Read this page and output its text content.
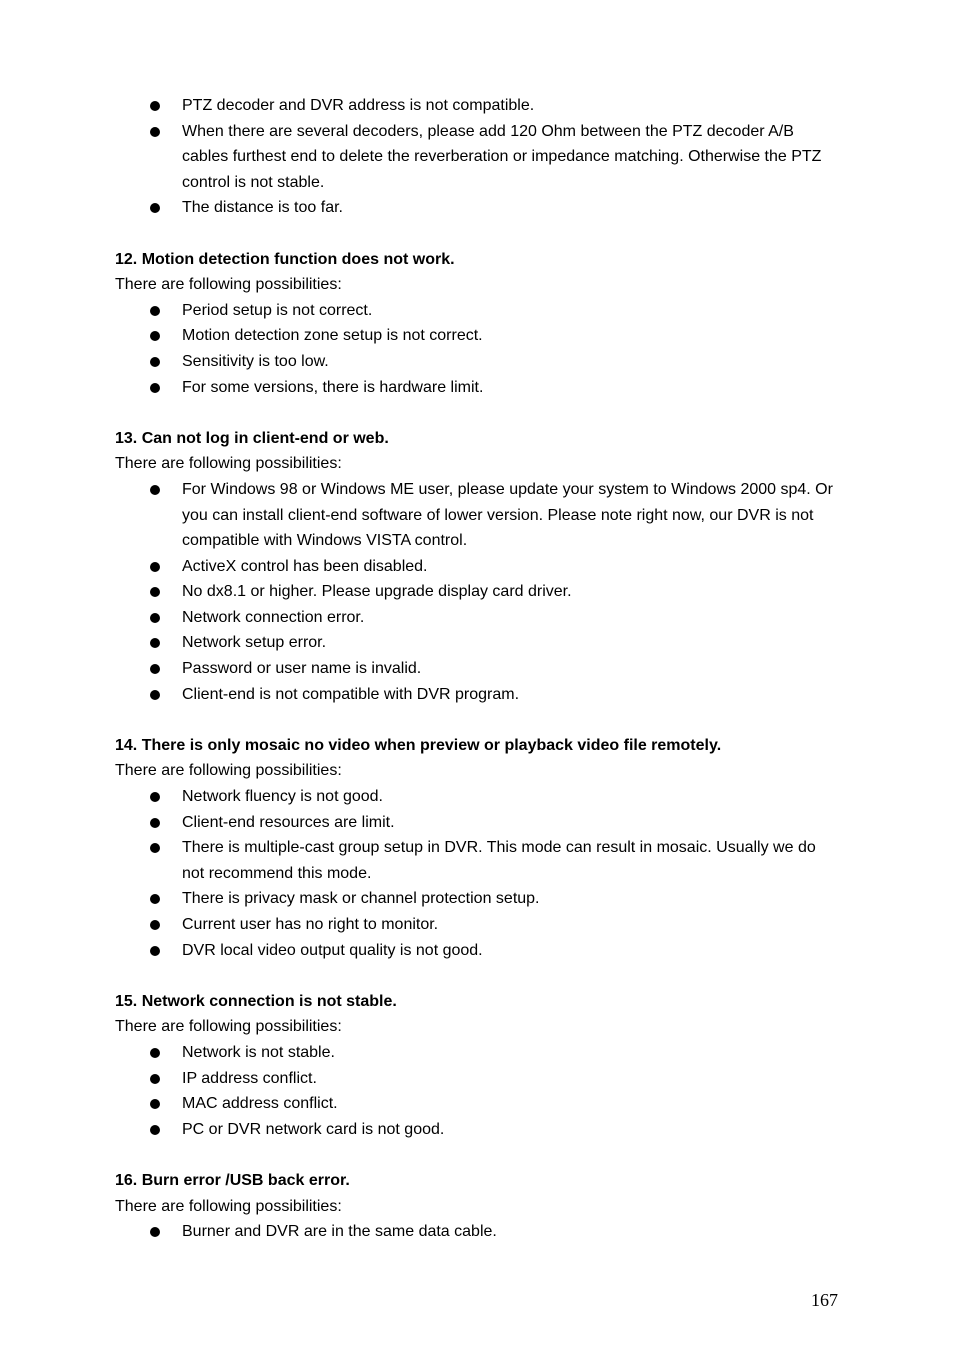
PTZ decoder and DVR address is not compatible.
When there are several decoders, please add 120 Ohm between the PTZ decoder A/B cables furthest end to delete the reverberation or impedance matching. Otherwise the PTZ control is not stable.
The distance is too far.

12. Motion detection function does not work.

There are following possibilities:

Period setup is not correct.
Motion detection zone setup is not correct.
Sensitivity is too low.
For some versions, there is hardware limit.

13. Can not log in client-end or web.

There are following possibilities:

For Windows 98 or Windows ME user, please update your system to Windows 2000 sp4. Or you can install client-end software of lower version. Please note right now, our DVR is not compatible with Windows VISTA control.
ActiveX control has been disabled.
No dx8.1 or higher. Please upgrade display card driver.
Network connection error.
Network setup error.
Password or user name is invalid.
Client-end is not compatible with DVR program.

14. There is only mosaic no video when preview or playback video file remotely.

There are following possibilities:

Network fluency is not good.
Client-end resources are limit.
There is multiple-cast group setup in DVR. This mode can result in mosaic. Usually we do not recommend this mode.
There is privacy mask or channel protection setup.
Current user has no right to monitor.
DVR local video output quality is not good.

15. Network connection is not stable.

There are following possibilities:

Network is not stable.
IP address conflict.
MAC address conflict.
PC or DVR network card is not good.

16. Burn error /USB back error.

There are following possibilities:

Burner and DVR are in the same data cable.
167
